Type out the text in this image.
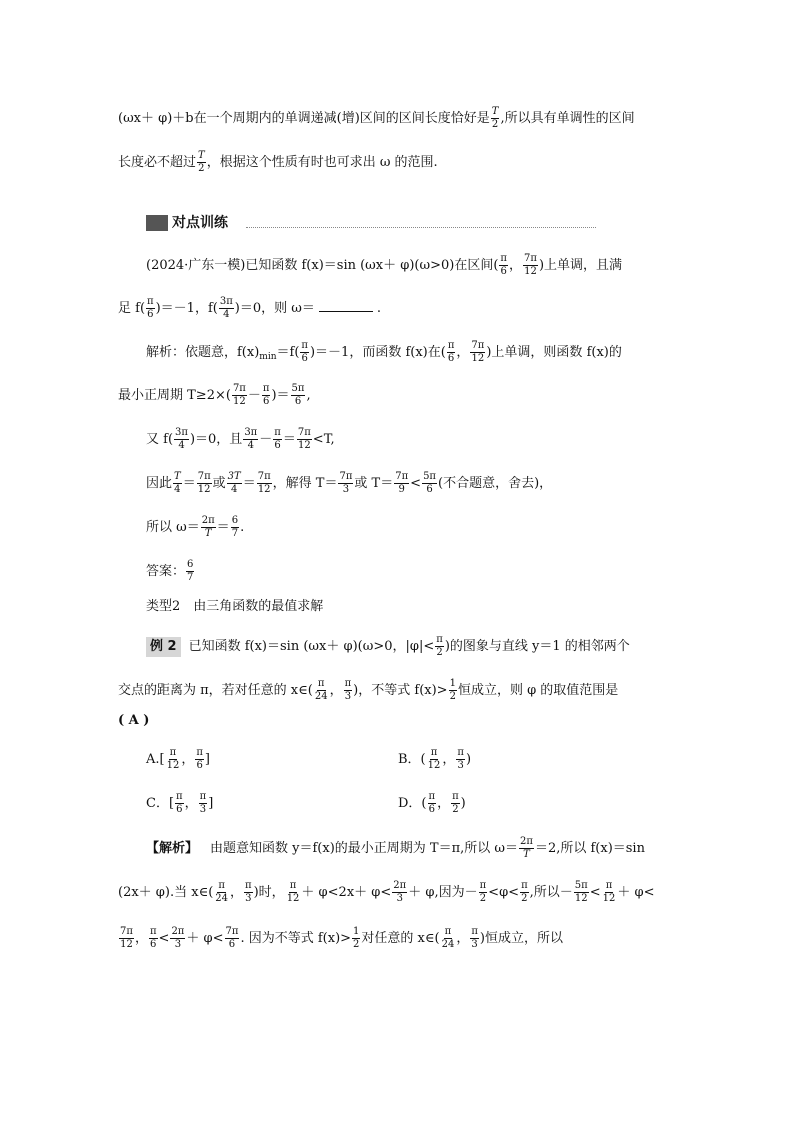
(ωx＋ φ)＋b在一个周期内的单调递减(增)区间的区间长度恰好是 $\frac{T}{2}$ ,所以具有单调性的区间
长度必不超过 $\frac{T}{2}$ ，根据这个性质有时也可求出 ω 的范围.
对点训练
(2024·广东一模)已知函数 f(x)＝sin (ωx＋ φ)(ω>0)在区间( $\frac{\pi}{6}$ ， $\frac{7\pi}{12}$ )上单调，且满
足 $f( \frac{\pi}{6} )=-1$，$f( \frac{3\pi}{4} )=0$，则 ω＝	.
解析：依题意，$f(x)_{min}=f( \frac{\pi}{6} )=-1$，而函数 f(x)在( $\frac{\pi}{6}$ ， $\frac{7\pi}{12}$ )上单调，则函数 f(x)的
最小正周期 $T\ge 2\times( \frac{7\pi}{12} - \frac{\pi}{6}$ )＝ $\frac{5\pi}{6}$ ,
又 $f( \frac{3\pi}{4} )=0$，且 $\frac{3\pi}{4} - \frac{\pi}{6} = \frac{7\pi}{12} <T$,
因此 $\frac{T}{4} = \frac{7\pi}{12}$ 或 $\frac{3T}{4} = \frac{7\pi}{12}$ ，解得 $T= \frac{7\pi}{3}$ 或 $T= \frac{7\pi}{9} < \frac{5\pi}{6}$ (不合题意，舍去)，
所以 $\omega= \frac{2\pi}{T} = \frac{6}{7}$ .
答案： $\frac{6}{7}$
类型2　由三角函数的最值求解
例 2 已知函数 f(x)＝sin (ωx＋ φ)(ω>0，$|\varphi|< \frac{\pi}{2}$ )的图象与直线 y＝1 的相邻两个
交点的距离为 π，若对任意的 x∈( $\frac{\pi}{24}$ ， $\frac{\pi}{3}$ )，不等式 $f(x)> \frac{1}{2}$ 恒成立，则 φ 的取值范围是
( A )
$A.[ \frac{\pi}{12}$ ， $\frac{\pi}{6}$ ]	B．( $\frac{\pi}{12}$ ， $\frac{\pi}{3}$ )
C．[ $\frac{\pi}{6}$ ， $\frac{\pi}{3}$ ]	D．( $\frac{\pi}{6}$ ， $\frac{\pi}{2}$ )
【解析】 由题意知函数 y＝f(x)的最小正周期为 T＝π,所以 $\omega= \frac{2\pi}{T} =2$,所以 f(x)＝sin
(2x＋ φ).当 x∈( $\frac{\pi}{24}$ ， $\frac{\pi}{3}$ )时， $\frac{\pi}{12} + \varphi<2x+ \varphi< \frac{2\pi}{3} + \varphi$,因为－ $\frac{\pi}{2} <\varphi< \frac{\pi}{2}$ ,所以－ $\frac{5\pi}{12} < \frac{\pi}{12} + \varphi<$
$\frac{7\pi}{12}$ ， $\frac{\pi}{6} < \frac{2\pi}{3} + \varphi< \frac{7\pi}{6}$ . 因为不等式 $f(x)> \frac{1}{2}$ 对任意的 x∈( $\frac{\pi}{24}$ ， $\frac{\pi}{3}$ )恒成立，所以
